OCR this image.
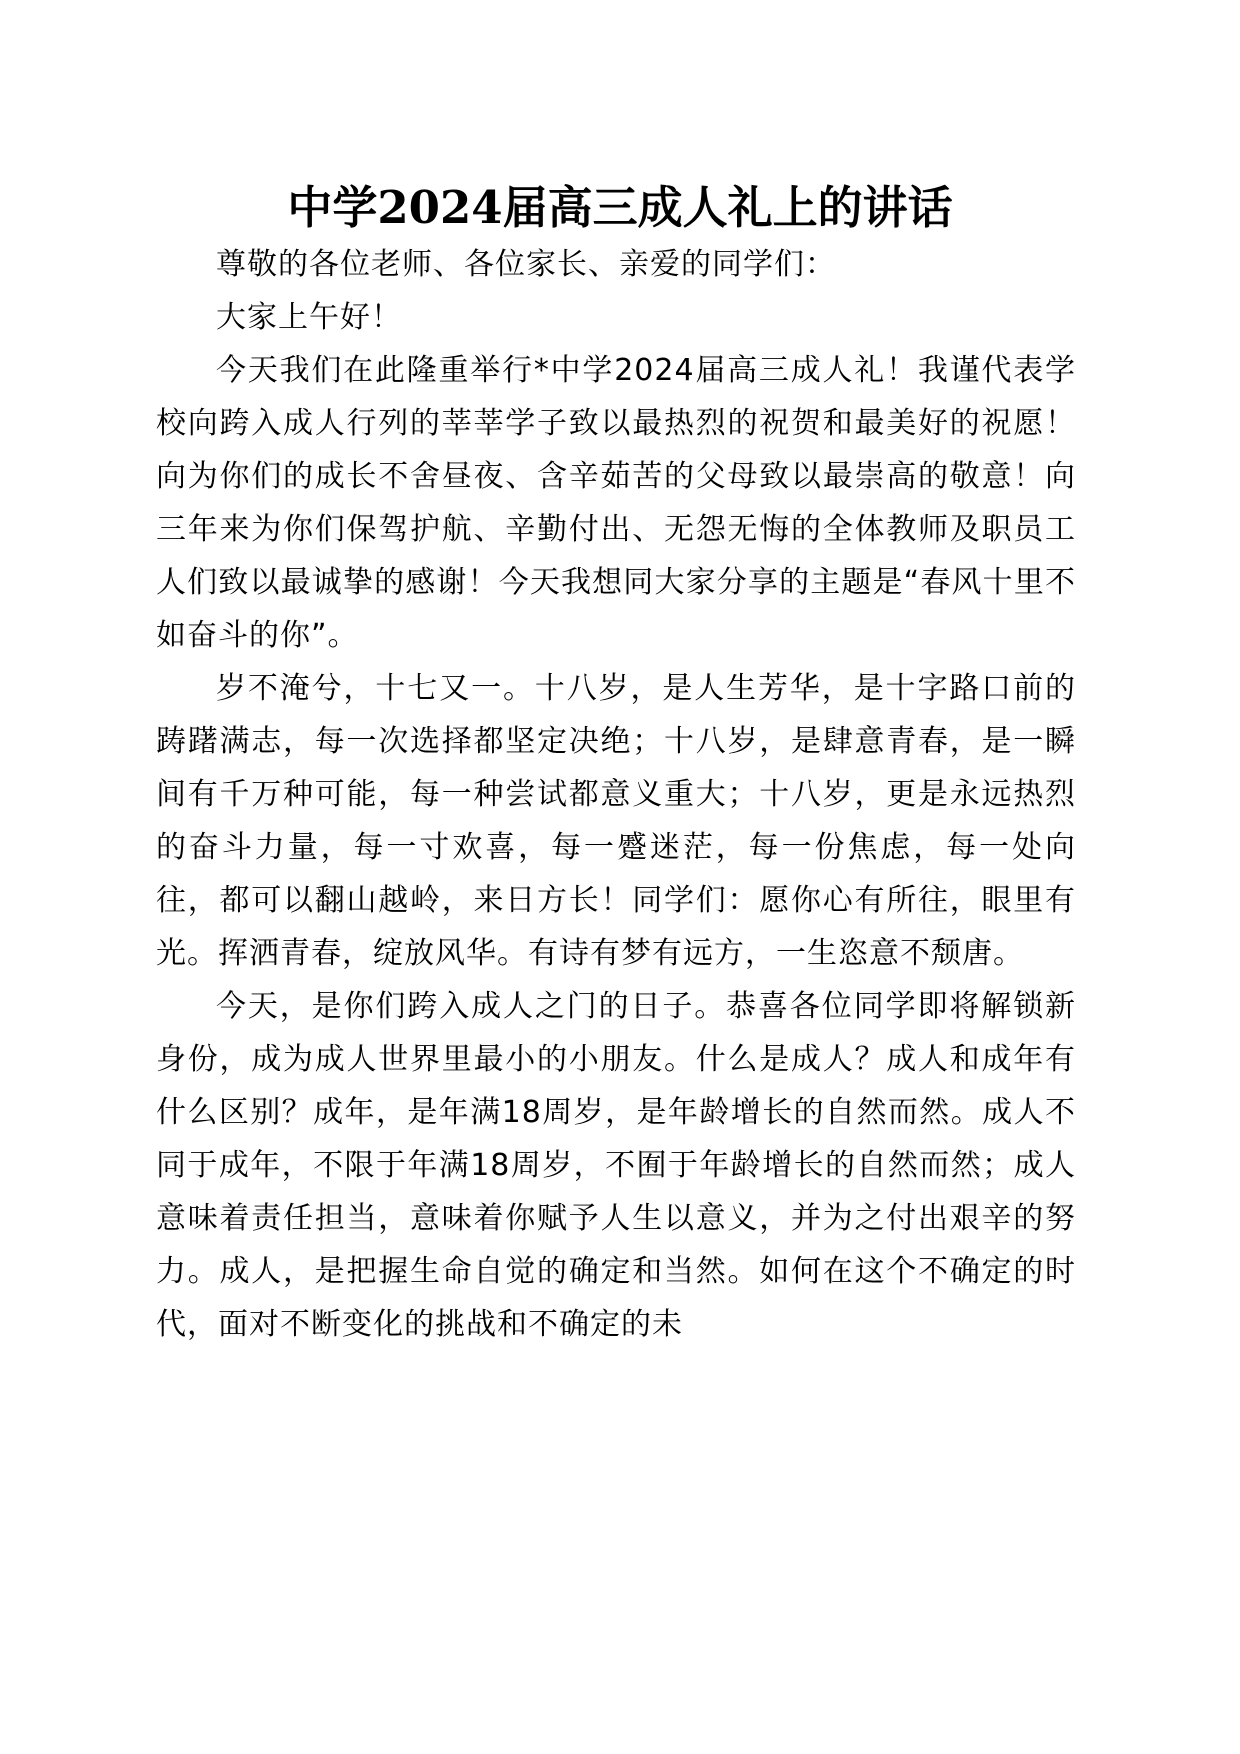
中学2024届高三成人礼上的讲话

尊敬的各位老师、各位家长、亲爱的同学们：

大家上午好！

今天我们在此隆重举行*中学2024届高三成人礼！我谨代表学校向跨入成人行列的莘莘学子致以最热烈的祝贺和最美好的祝愿！向为你们的成长不舍昼夜、含辛茹苦的父母致以最崇高的敬意！向三年来为你们保驾护航、辛勤付出、无怨无悔的全体教师及职员工人们致以最诚挚的感谢！今天我想同大家分享的主题是“春风十里不如奋斗的你”。

岁不淹兮，十七又一。十八岁，是人生芳华，是十字路口前的踌躇满志，每一次选择都坚定决绝；十八岁，是肆意青春，是一瞬间有千万种可能，每一种尝试都意义重大；十八岁，更是永远热烈的奋斗力量，每一寸欢喜，每一蹙迷茫，每一份焦虑，每一处向往，都可以翻山越岭，来日方长！同学们：愿你心有所往，眼里有光。挥洒青春，绽放风华。有诗有梦有远方，一生恣意不颓唐。

今天，是你们跨入成人之门的日子。恭喜各位同学即将解锁新身份，成为成人世界里最小的小朋友。什么是成人？成人和成年有什么区别？成年，是年满18周岁，是年龄增长的自然而然。成人不同于成年，不限于年满18周岁，不囿于年龄增长的自然而然；成人意味着责任担当，意味着你赋予人生以意义，并为之付出艰辛的努力。成人，是把握生命自觉的确定和当然。如何在这个不确定的时代，面对不断变化的挑战和不确定的未
